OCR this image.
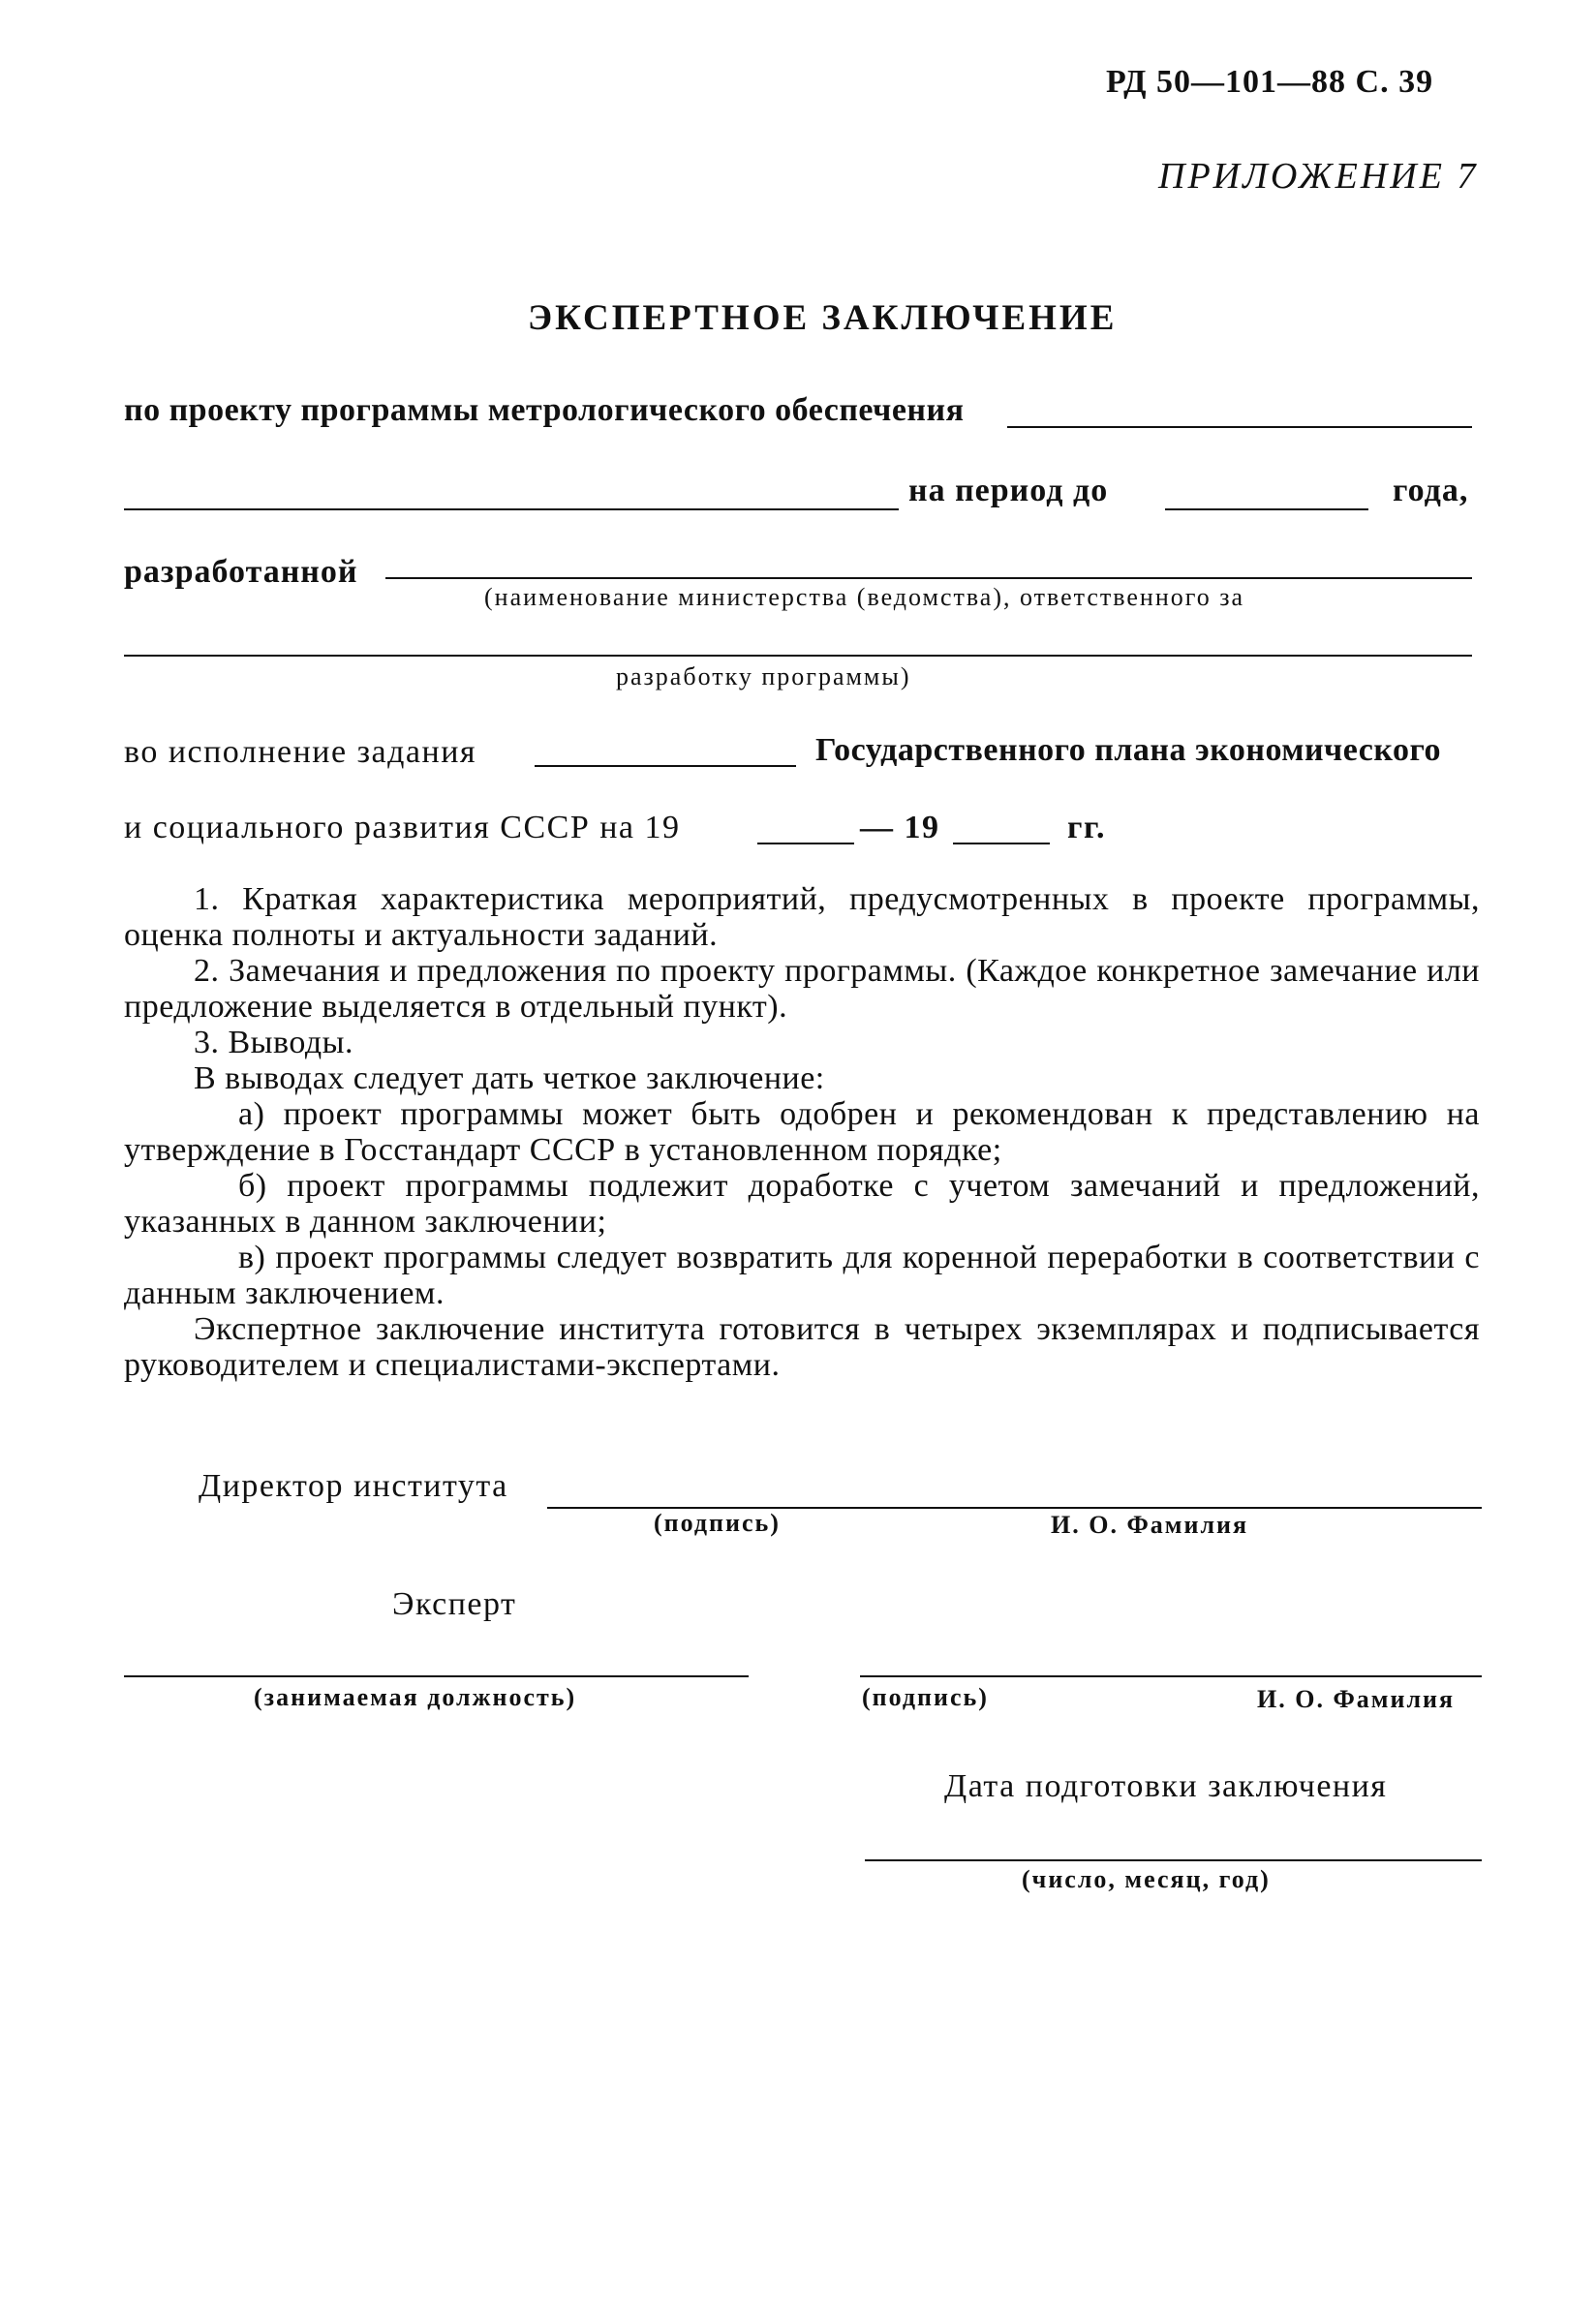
РД 50—101—88 С. 39
ПРИЛОЖЕНИЕ 7
ЭКСПЕРТНОЕ ЗАКЛЮЧЕНИЕ
по проекту программы метрологического обеспечения
на период до	года,
разработанной
(наименование министерства (ведомства), ответственного за
разработку программы)
во исполнение задания	Государственного плана экономического
и социального развития СССР на 19	— 19	гг.

1. Краткая характеристика мероприятий, предусмотренных в проекте программы, оценка полноты и актуальности заданий.

2. Замечания и предложения по проекту программы. (Каждое конкретное замечание или предложение выделяется в отдельный пункт).

3. Выводы.

В выводах следует дать четкое заключение:

а) проект программы может быть одобрен и рекомендован к представлению на утверждение в Госстандарт СССР в установленном порядке;

б) проект программы подлежит доработке с учетом замечаний и предложений, указанных в данном заключении;

в) проект программы следует возвратить для коренной переработки в соответствии с данным заключением.

Экспертное заключение института готовится в четырех экземплярах и подписывается руководителем и специалистами-экспертами.

Директор института
(подпись)	И. О. Фамилия
Эксперт
(занимаемая должность)	(подпись)	И. О. Фамилия
Дата подготовки заключения
(число, месяц, год)
